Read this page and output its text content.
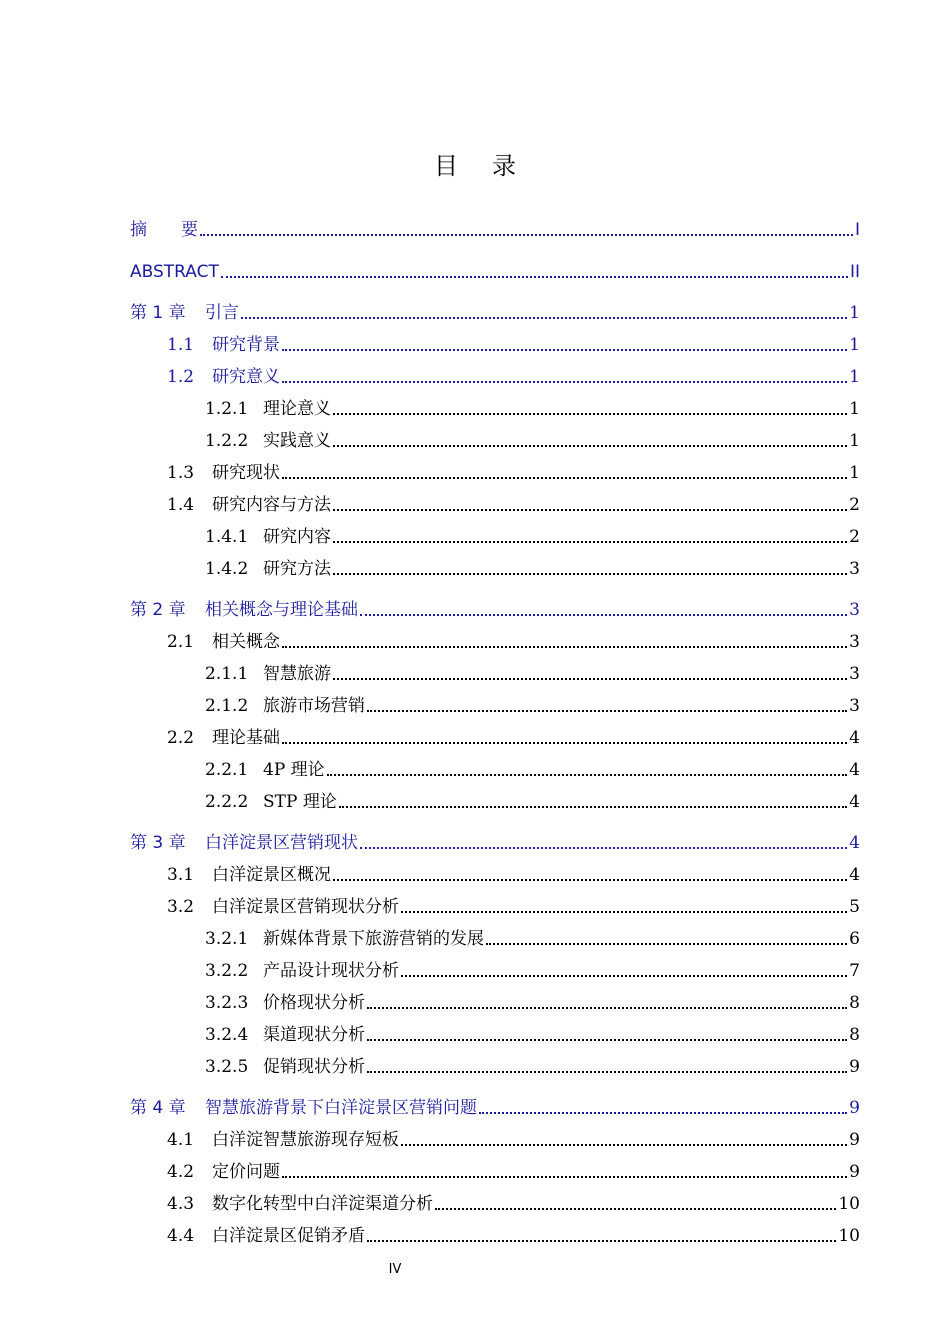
目录
摘　　要	I
ABSTRACT	II
第 1 章 引言	1
1.1 研究背景	1
1.2 研究意义	1
1.2.1 理论意义	1
1.2.2 实践意义	1
1.3 研究现状	1
1.4 研究内容与方法	2
1.4.1 研究内容	2
1.4.2 研究方法	3
第 2 章 相关概念与理论基础	3
2.1 相关概念	3
2.1.1 智慧旅游	3
2.1.2 旅游市场营销	3
2.2 理论基础	4
2.2.1 4P 理论	4
2.2.2 STP 理论	4
第 3 章 白洋淀景区营销现状	4
3.1 白洋淀景区概况	4
3.2 白洋淀景区营销现状分析	5
3.2.1 新媒体背景下旅游营销的发展	6
3.2.2 产品设计现状分析	7
3.2.3 价格现状分析	8
3.2.4 渠道现状分析	8
3.2.5 促销现状分析	9
第 4 章 智慧旅游背景下白洋淀景区营销问题	9
4.1 白洋淀智慧旅游现存短板	9
4.2 定价问题	9
4.3 数字化转型中白洋淀渠道分析	10
4.4 白洋淀景区促销矛盾	10
IV
